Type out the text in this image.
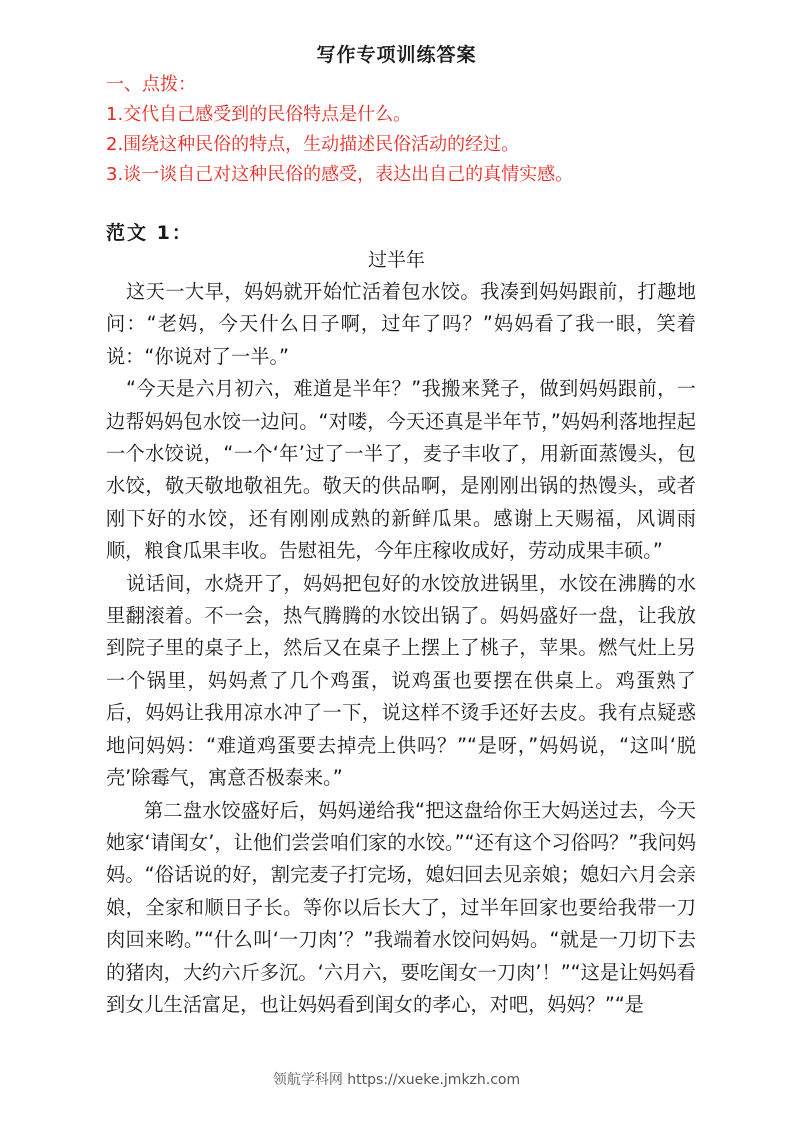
写作专项训练答案
一、点拨：
1.交代自己感受到的民俗特点是什么。
2.围绕这种民俗的特点，生动描述民俗活动的经过。
3.谈一谈自己对这种民俗的感受，表达出自己的真情实感。
范文 1：
过半年

这天一大早，妈妈就开始忙活着包水饺。我凑到妈妈跟前，打趣地问：“老妈，今天什么日子啊，过年了吗？”妈妈看了我一眼，笑着说：“你说对了一半。”

“今天是六月初六，难道是半年？”我搬来凳子，做到妈妈跟前，一边帮妈妈包水饺一边问。“对喽，今天还真是半年节，”妈妈利落地捏起一个水饺说，“一个‘年’过了一半了，麦子丰收了，用新面蒸馒头，包水饺，敬天敬地敬祖先。敬天的供品啊，是刚刚出锅的热馒头，或者刚下好的水饺，还有刚刚成熟的新鲜瓜果。感谢上天赐福，风调雨顺，粮食瓜果丰收。告慰祖先，今年庄稼收成好，劳动成果丰硕。”

说话间，水烧开了，妈妈把包好的水饺放进锅里，水饺在沸腾的水里翻滚着。不一会，热气腾腾的水饺出锅了。妈妈盛好一盘，让我放到院子里的桌子上，然后又在桌子上摆上了桃子，苹果。燃气灶上另一个锅里，妈妈煮了几个鸡蛋，说鸡蛋也要摆在供桌上。鸡蛋熟了后，妈妈让我用凉水冲了一下，说这样不烫手还好去皮。我有点疑惑地问妈妈：“难道鸡蛋要去掉壳上供吗？”“是呀，”妈妈说，“这叫‘脱壳’除霉气，寓意否极泰来。”

第二盘水饺盛好后，妈妈递给我“把这盘给你王大妈送过去，今天她家‘请闺女’，让他们尝尝咱们家的水饺。”“还有这个习俗吗？”我问妈妈。“俗话说的好，割完麦子打完场，媳妇回去见亲娘；媳妇六月会亲娘，全家和顺日子长。等你以后长大了，过半年回家也要给我带一刀肉回来哟。”“什么叫‘一刀肉’？”我端着水饺问妈妈。“就是一刀切下去的猪肉，大约六斤多沉。‘六月六，要吃闺女一刀肉’！”“这是让妈妈看到女儿生活富足，也让妈妈看到闺女的孝心，对吧，妈妈？”“是

领航学科网 https://xueke.jmkzh.com
